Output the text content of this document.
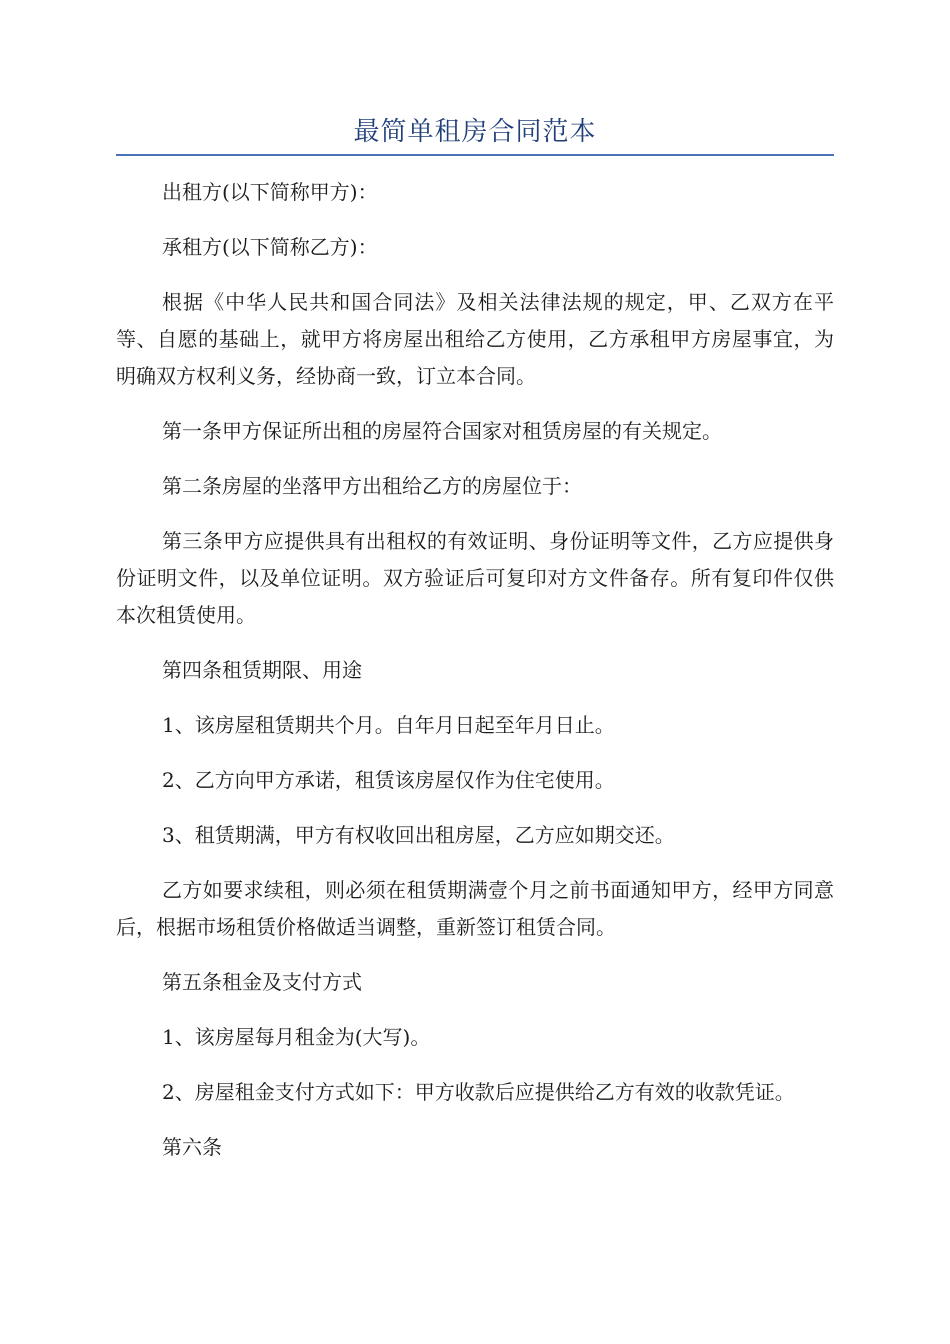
最简单租房合同范本

出租方(以下简称甲方)：

承租方(以下简称乙方)：

根据《中华人民共和国合同法》及相关法律法规的规定，甲、乙双方在平等、自愿的基础上，就甲方将房屋出租给乙方使用，乙方承租甲方房屋事宜，为明确双方权利义务，经协商一致，订立本合同。

第一条甲方保证所出租的房屋符合国家对租赁房屋的有关规定。

第二条房屋的坐落甲方出租给乙方的房屋位于：

第三条甲方应提供具有出租权的有效证明、身份证明等文件，乙方应提供身份证明文件，以及单位证明。双方验证后可复印对方文件备存。所有复印件仅供本次租赁使用。

第四条租赁期限、用途

1、该房屋租赁期共个月。自年月日起至年月日止。

2、乙方向甲方承诺，租赁该房屋仅作为住宅使用。

3、租赁期满，甲方有权收回出租房屋，乙方应如期交还。

乙方如要求续租，则必须在租赁期满壹个月之前书面通知甲方，经甲方同意后，根据市场租赁价格做适当调整，重新签订租赁合同。

第五条租金及支付方式

1、该房屋每月租金为(大写)。

2、房屋租金支付方式如下：甲方收款后应提供给乙方有效的收款凭证。

第六条
